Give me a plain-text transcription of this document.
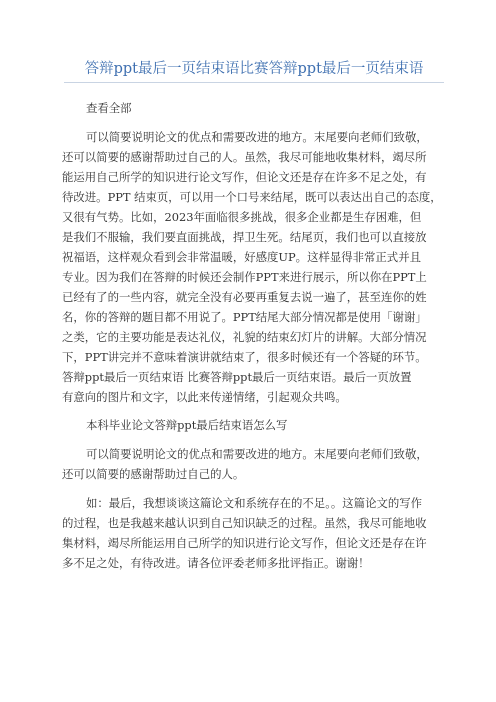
答辩ppt最后一页结束语比赛答辩ppt最后一页结束语

查看全部

可以简要说明论文的优点和需要改进的地方。末尾要向老师们致敬，
还可以简要的感谢帮助过自己的人。虽然，我尽可能地收集材料，竭尽所
能运用自己所学的知识进行论文写作，但论文还是存在许多不足之处，有
待改进。PPT 结束页，可以用一个口号来结尾，既可以表达出自己的态度，
又很有气势。比如，2023年面临很多挑战，很多企业都是生存困难，但
是我们不服输，我们要直面挑战，捍卫生死。结尾页，我们也可以直接放
祝福语，这样观众看到会非常温暖，好感度UP。这样显得非常正式并且
专业。因为我们在答辩的时候还会制作PPT来进行展示，所以你在PPT上
已经有了的一些内容，就完全没有必要再重复去说一遍了，甚至连你的姓
名，你的答辩的题目都不用说了。PPT结尾大部分情况都是使用「谢谢」
之类，它的主要功能是表达礼仪，礼貌的结束幻灯片的讲解。大部分情况
下，PPT讲完并不意味着演讲就结束了，很多时候还有一个答疑的环节。
答辩ppt最后一页结束语 比赛答辩ppt最后一页结束语。最后一页放置
有意向的图片和文字，以此来传递情绪，引起观众共鸣。

本科毕业论文答辩ppt最后结束语怎么写

可以简要说明论文的优点和需要改进的地方。末尾要向老师们致敬，
还可以简要的感谢帮助过自己的人。
如：最后，我想谈谈这篇论文和系统存在的不足。。这篇论文的写作
的过程，也是我越来越认识到自己知识缺乏的过程。虽然，我尽可能地收
集材料，竭尽所能运用自己所学的知识进行论文写作，但论文还是存在许
多不足之处，有待改进。请各位评委老师多批评指正。谢谢！
